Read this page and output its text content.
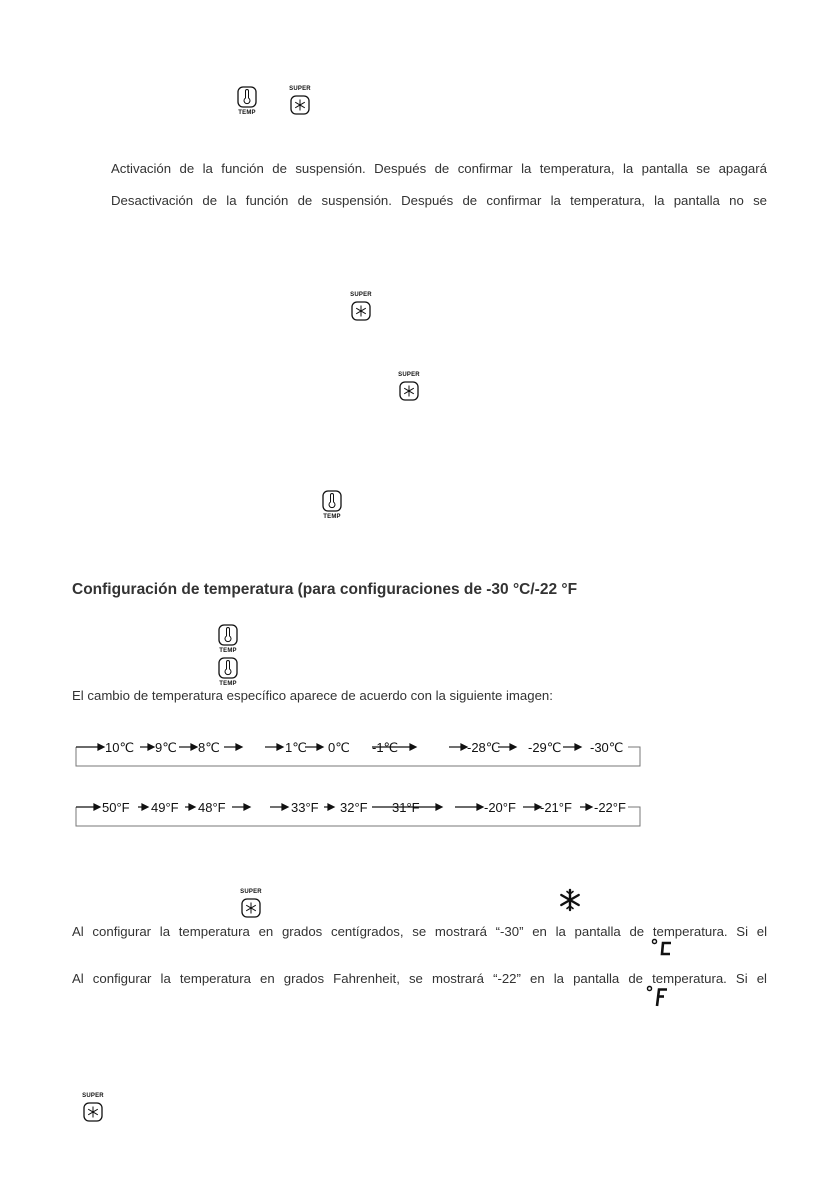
TEMP
SUPER
Activación de la función de suspensión. Después de confirmar la temperatura, la pantalla se apagará
Desactivación de la función de suspensión. Después de confirmar la temperatura, la pantalla no se
SUPER
SUPER
TEMP
Configuración de temperatura (para configuraciones de -30 °C/-22 °F
TEMP
TEMP
El cambio de temperatura específico aparece de acuerdo con la siguiente imagen:
10℃ 9℃ 8℃	1℃ 0℃ -1℃	-28℃ -29℃ -30℃
50°F 49°F 48°F	33°F 32°F 31°F	-20°F -21°F -22°F
SUPER
Al configurar la temperatura en grados centígrados, se mostrará “-30” en la pantalla de temperatura. Si el
Al configurar la temperatura en grados Fahrenheit, se mostrará “-22” en la pantalla de temperatura. Si el
SUPER
